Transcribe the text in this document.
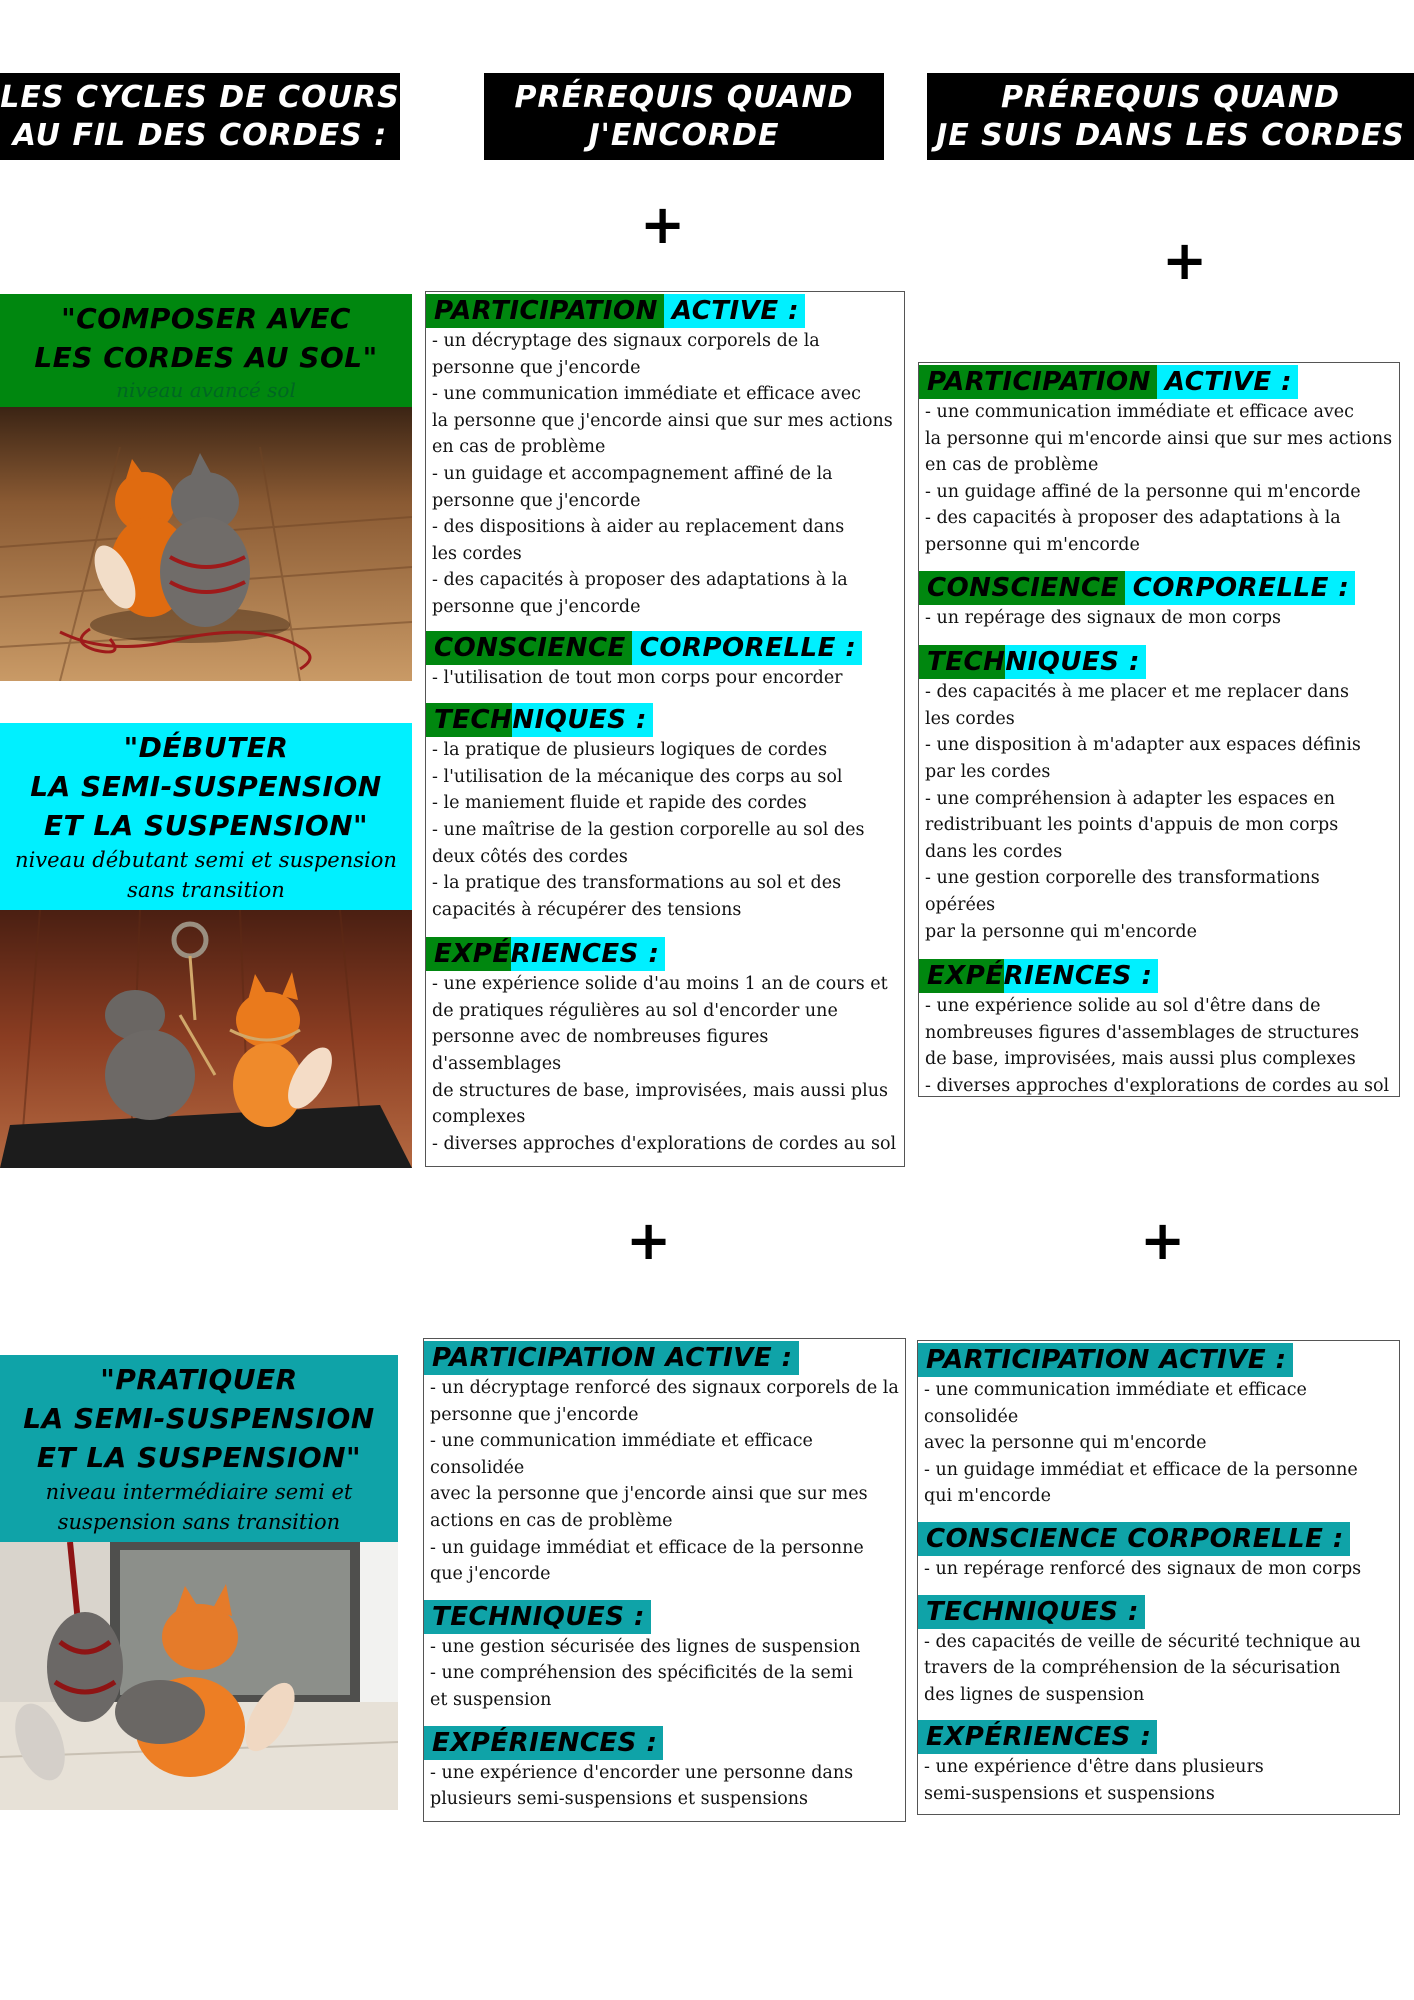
LES CYCLES DE COURS
AU FIL DES CORDES :
PRÉREQUIS QUAND
J'ENCORDE
PRÉREQUIS QUAND
JE SUIS DANS LES CORDES
+
+
+	+
"COMPOSER AVEC
LES CORDES AU SOL"
niveau avancé sol
"DÉBUTER
LA SEMI-SUSPENSION
ET LA SUSPENSION"
niveau débutant semi et suspension
sans transition
"PRATIQUER
LA SEMI-SUSPENSION
ET LA SUSPENSION"
niveau intermédiaire semi et
suspension sans transition
PARTICIPATION ACTIVE :
- un décryptage des signaux corporels de la
personne que j'encorde
- une communication immédiate et efficace avec
la personne que j'encorde ainsi que sur mes actions
en cas de problème
- un guidage et accompagnement affiné de la
personne que j'encorde
- des dispositions à aider au replacement dans
les cordes
- des capacités à proposer des adaptations à la
personne que j'encorde
CONSCIENCE CORPORELLE :
- l'utilisation de tout mon corps pour encorder
TECHNIQUES :
- la pratique de plusieurs logiques de cordes
- l'utilisation de la mécanique des corps au sol
- le maniement fluide et rapide des cordes
- une maîtrise de la gestion corporelle au sol des
deux côtés des cordes
- la pratique des transformations au sol et des
capacités à récupérer des tensions
EXPÉRIENCES :
- une expérience solide d'au moins 1 an de cours et
de pratiques régulières au sol d'encorder une
personne avec de nombreuses figures d'assemblages
de structures de base, improvisées, mais aussi plus
complexes
- diverses approches d'explorations de cordes au sol
PARTICIPATION ACTIVE :
- une communication immédiate et efficace avec
la personne qui m'encorde ainsi que sur mes actions
en cas de problème
- un guidage affiné de la personne qui m'encorde
- des capacités à proposer des adaptations à la
personne qui m'encorde
CONSCIENCE CORPORELLE :
- un repérage des signaux de mon corps
TECHNIQUES :
- des capacités à me placer et me replacer dans
les cordes
- une disposition à m'adapter aux espaces définis
par les cordes
- une compréhension à adapter les espaces en
redistribuant les points d'appuis de mon corps
dans les cordes
- une gestion corporelle des transformations opérées
par la personne qui m'encorde
EXPÉRIENCES :
- une expérience solide au sol d'être dans de
nombreuses figures d'assemblages de structures
de base, improvisées, mais aussi plus complexes
- diverses approches d'explorations de cordes au sol
PARTICIPATION ACTIVE :
- un décryptage renforcé des signaux corporels de la
personne que j'encorde
- une communication immédiate et efficace consolidée
avec la personne que j'encorde ainsi que sur mes
actions en cas de problème
- un guidage immédiat et efficace de la personne
que j'encorde
TECHNIQUES :
- une gestion sécurisée des lignes de suspension
- une compréhension des spécificités de la semi
et suspension
EXPÉRIENCES :
- une expérience d'encorder une personne dans
plusieurs semi-suspensions et suspensions
PARTICIPATION ACTIVE :
- une communication immédiate et efficace consolidée
avec la personne qui m'encorde
- un guidage immédiat et efficace de la personne
qui m'encorde
CONSCIENCE CORPORELLE :
- un repérage renforcé des signaux de mon corps
TECHNIQUES :
- des capacités de veille de sécurité technique au
travers de la compréhension de la sécurisation
des lignes de suspension
EXPÉRIENCES :
- une expérience d'être dans plusieurs
semi-suspensions et suspensions
